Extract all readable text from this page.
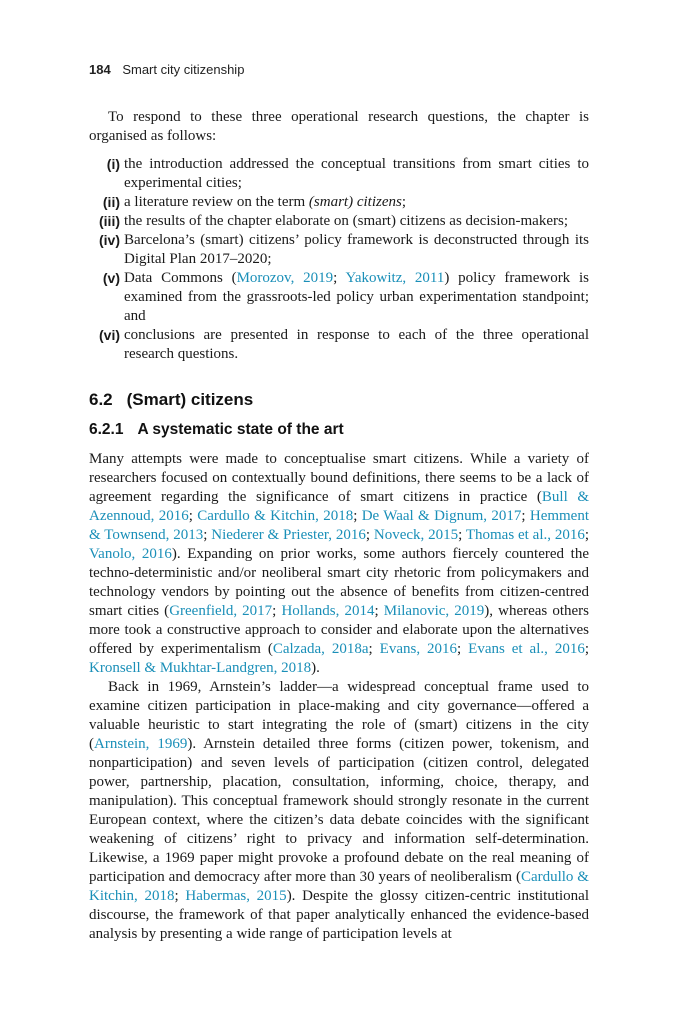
184 Smart city citizenship

To respond to these three operational research questions, the chapter is organised as follows:

(i) the introduction addressed the conceptual transitions from smart cities to experimental cities;
(ii) a literature review on the term (smart) citizens;
(iii) the results of the chapter elaborate on (smart) citizens as decision-makers;
(iv) Barcelona’s (smart) citizens’ policy framework is deconstructed through its Digital Plan 2017–2020;
(v) Data Commons (Morozov, 2019; Yakowitz, 2011) policy framework is examined from the grassroots-led policy urban experimentation standpoint; and
(vi) conclusions are presented in response to each of the three operational research questions.
6.2 (Smart) citizens
6.2.1 A systematic state of the art

Many attempts were made to conceptualise smart citizens. While a variety of researchers focused on contextually bound definitions, there seems to be a lack of agreement regarding the significance of smart citizens in practice (Bull & Azennoud, 2016; Cardullo & Kitchin, 2018; De Waal & Dignum, 2017; Hemment & Townsend, 2013; Niederer & Priester, 2016; Noveck, 2015; Thomas et al., 2016; Vanolo, 2016). Expanding on prior works, some authors fiercely countered the techno-deterministic and/or neoliberal smart city rhetoric from policymakers and technology vendors by pointing out the absence of benefits from citizen-centred smart cities (Greenfield, 2017; Hollands, 2014; Milanovic, 2019), whereas others more took a constructive approach to consider and elaborate upon the alternatives offered by experimentalism (Calzada, 2018a; Evans, 2016; Evans et al., 2016; Kronsell & Mukhtar-Landgren, 2018).

Back in 1969, Arnstein’s ladder—a widespread conceptual frame used to examine citizen participation in place-making and city governance—offered a valuable heuristic to start integrating the role of (smart) citizens in the city (Arnstein, 1969). Arnstein detailed three forms (citizen power, tokenism, and nonparticipation) and seven levels of participation (citizen control, delegated power, partnership, placation, consultation, informing, choice, therapy, and manipulation). This conceptual framework should strongly resonate in the current European context, where the citizen’s data debate coincides with the significant weakening of citizens’ right to privacy and information self-determination. Likewise, a 1969 paper might provoke a profound debate on the real meaning of participation and democracy after more than 30 years of neoliberalism (Cardullo & Kitchin, 2018; Habermas, 2015). Despite the glossy citizen-centric institutional discourse, the framework of that paper analytically enhanced the evidence-based analysis by presenting a wide range of participation levels at
